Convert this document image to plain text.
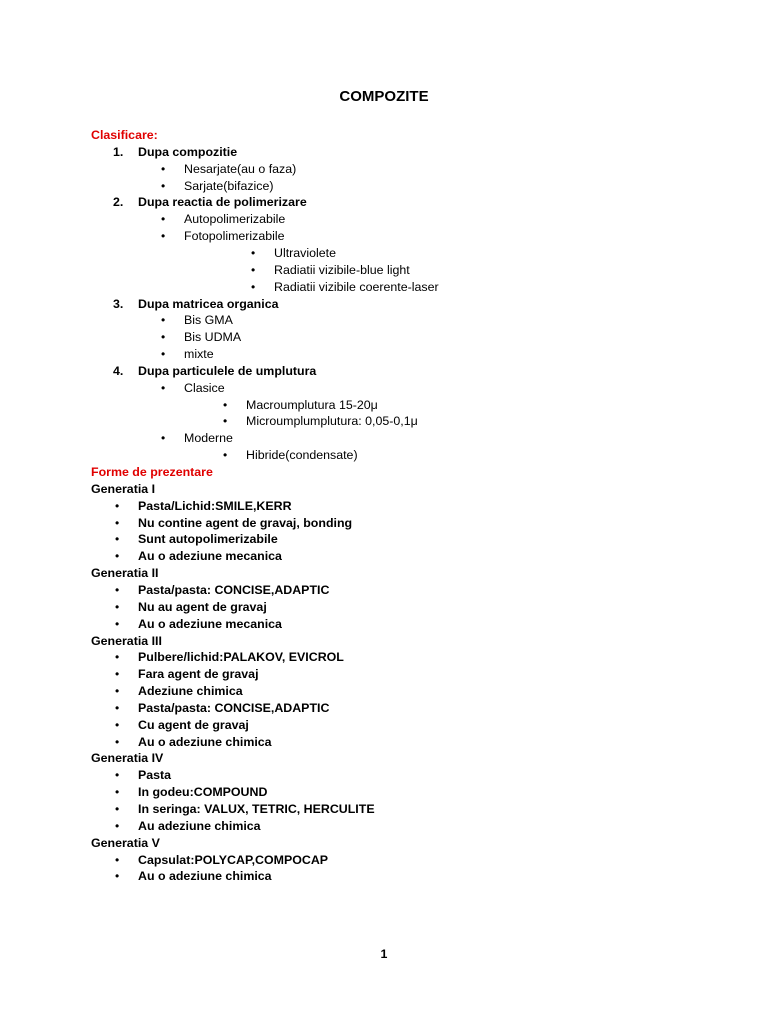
COMPOZITE
Clasificare:
1. Dupa compozitie
• Nesarjate(au o faza)
• Sarjate(bifazice)
2. Dupa reactia de polimerizare
• Autopolimerizabile
• Fotopolimerizabile
• Ultraviolete
• Radiatii vizibile-blue light
• Radiatii vizibile coerente-laser
3. Dupa matricea organica
• Bis GMA
• Bis UDMA
• mixte
4. Dupa particulele de umplutura
• Clasice
• Macroumplutura 15-20μ
• Microumplumplutura: 0,05-0,1μ
• Moderne
• Hibride(condensate)
Forme de prezentare
Generatia I
• Pasta/Lichid:SMILE,KERR
• Nu contine agent de gravaj, bonding
• Sunt autopolimerizabile
• Au o adeziune mecanica
Generatia II
• Pasta/pasta: CONCISE,ADAPTIC
• Nu au agent de gravaj
• Au o adeziune mecanica
Generatia III
• Pulbere/lichid:PALAKOV, EVICROL
• Fara agent de gravaj
• Adeziune chimica
• Pasta/pasta: CONCISE,ADAPTIC
• Cu agent de gravaj
• Au o adeziune chimica
Generatia IV
• Pasta
• In godeu:COMPOUND
• In seringa: VALUX, TETRIC, HERCULITE
• Au adeziune chimica
Generatia V
• Capsulat:POLYCAP,COMPOCAP
• Au o adeziune chimica
1
